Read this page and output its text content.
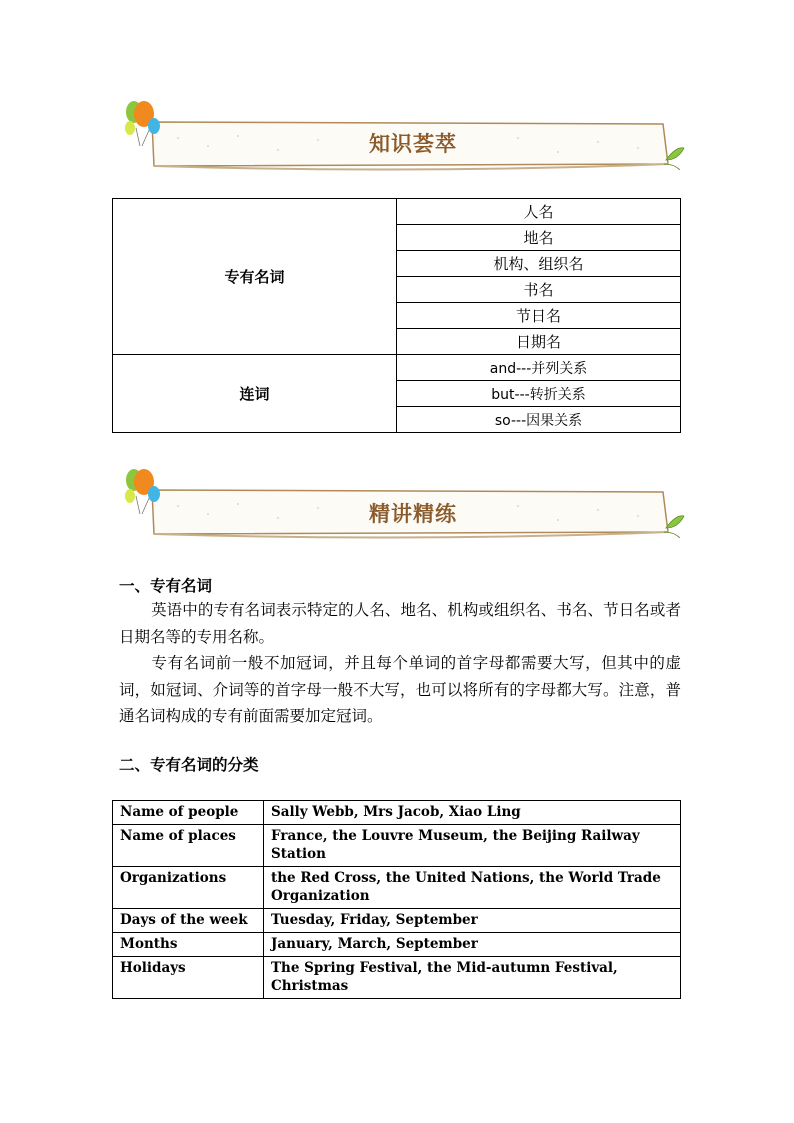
知识荟萃
专有名词	人名
	地名
	机构、组织名
	书名
	节日名
	日期名
连词	and---并列关系
	but---转折关系
	so---因果关系
精讲精练
一、专有名词
英语中的专有名词表示特定的人名、地名、机构或组织名、书名、节日名或者日期名等的专用名称。
专有名词前一般不加冠词，并且每个单词的首字母都需要大写，但其中的虚词，如冠词、介词等的首字母一般不大写，也可以将所有的字母都大写。注意，普通名词构成的专有前面需要加定冠词。
二、专有名词的分类
Name of people	Sally Webb, Mrs Jacob, Xiao Ling
Name of places	France, the Louvre Museum, the Beijing Railway Station
Organizations	the Red Cross, the United Nations, the World Trade Organization
Days of the week	Tuesday, Friday, September
Months	January, March, September
Holidays	The Spring Festival, the Mid-autumn Festival, Christmas
